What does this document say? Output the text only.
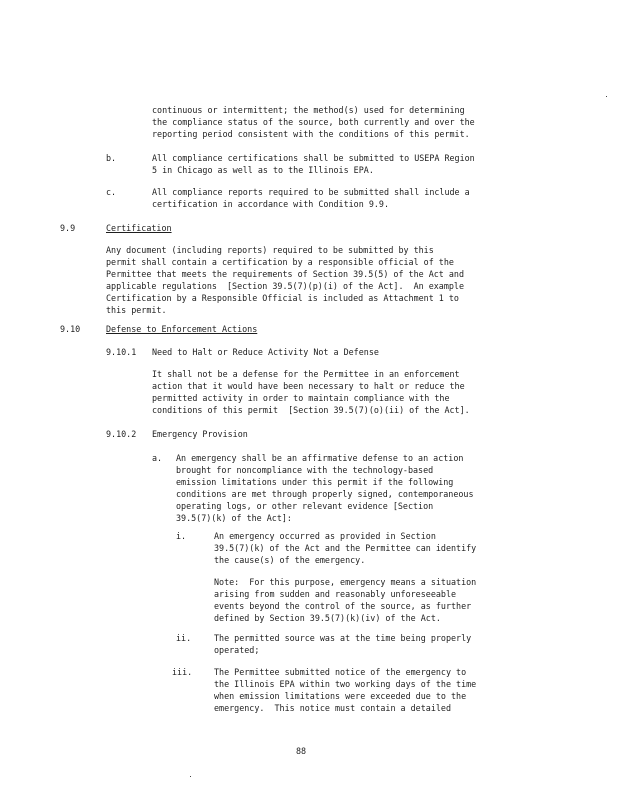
continuous or intermittent; the method(s) used for determining
the compliance status of the source, both currently and over the
reporting period consistent with the conditions of this permit.
b.	All compliance certifications shall be submitted to USEPA Region
5 in Chicago as well as to the Illinois EPA.
c.	All compliance reports required to be submitted shall include a
certification in accordance with Condition 9.9.
9.9	Certification
Any document (including reports) required to be submitted by this
permit shall contain a certification by a responsible official of the
Permittee that meets the requirements of Section 39.5(5) of the Act and
applicable regulations  [Section 39.5(7)(p)(i) of the Act].  An example
Certification by a Responsible Official is included as Attachment 1 to
this permit.
9.10	Defense to Enforcement Actions
9.10.1 Need to Halt or Reduce Activity Not a Defense
It shall not be a defense for the Permittee in an enforcement
action that it would have been necessary to halt or reduce the
permitted activity in order to maintain compliance with the
conditions of this permit  [Section 39.5(7)(o)(ii) of the Act].
9.10.2 Emergency Provision
a. An emergency shall be an affirmative defense to an action
brought for noncompliance with the technology-based
emission limitations under this permit if the following
conditions are met through properly signed, contemporaneous
operating logs, or other relevant evidence [Section
39.5(7)(k) of the Act]:
i.	An emergency occurred as provided in Section
39.5(7)(k) of the Act and the Permittee can identify
the cause(s) of the emergency.
Note:  For this purpose, emergency means a situation
arising from sudden and reasonably unforeseeable
events beyond the control of the source, as further
defined by Section 39.5(7)(k)(iv) of the Act.
ii.	The permitted source was at the time being properly
operated;
iii.	The Permittee submitted notice of the emergency to
the Illinois EPA within two working days of the time
when emission limitations were exceeded due to the
emergency.  This notice must contain a detailed
88
